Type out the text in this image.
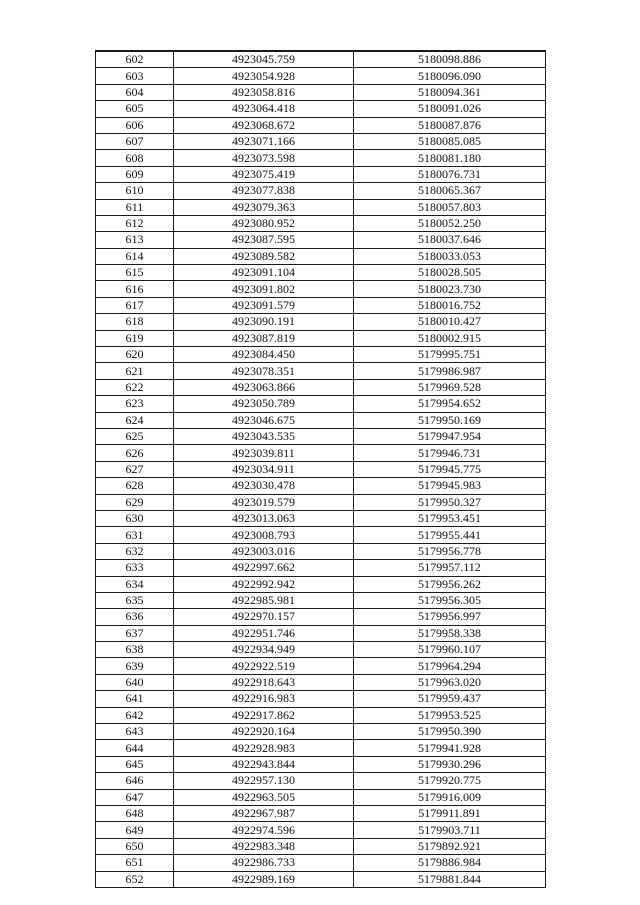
602	4923045.759	5180098.886
603	4923054.928	5180096.090
604	4923058.816	5180094.361
605	4923064.418	5180091.026
606	4923068.672	5180087.876
607	4923071.166	5180085.085
608	4923073.598	5180081.180
609	4923075.419	5180076.731
610	4923077.838	5180065.367
611	4923079.363	5180057.803
612	4923080.952	5180052.250
613	4923087.595	5180037.646
614	4923089.582	5180033.053
615	4923091.104	5180028.505
616	4923091.802	5180023.730
617	4923091.579	5180016.752
618	4923090.191	5180010.427
619	4923087.819	5180002.915
620	4923084.450	5179995.751
621	4923078.351	5179986.987
622	4923063.866	5179969.528
623	4923050.789	5179954.652
624	4923046.675	5179950.169
625	4923043.535	5179947.954
626	4923039.811	5179946.731
627	4923034.911	5179945.775
628	4923030.478	5179945.983
629	4923019.579	5179950.327
630	4923013.063	5179953.451
631	4923008.793	5179955.441
632	4923003.016	5179956.778
633	4922997.662	5179957.112
634	4922992.942	5179956.262
635	4922985.981	5179956.305
636	4922970.157	5179956.997
637	4922951.746	5179958.338
638	4922934.949	5179960.107
639	4922922.519	5179964.294
640	4922918.643	5179963.020
641	4922916.983	5179959.437
642	4922917.862	5179953.525
643	4922920.164	5179950.390
644	4922928.983	5179941.928
645	4922943.844	5179930.296
646	4922957.130	5179920.775
647	4922963.505	5179916.009
648	4922967.987	5179911.891
649	4922974.596	5179903.711
650	4922983.348	5179892.921
651	4922986.733	5179886.984
652	4922989.169	5179881.844
